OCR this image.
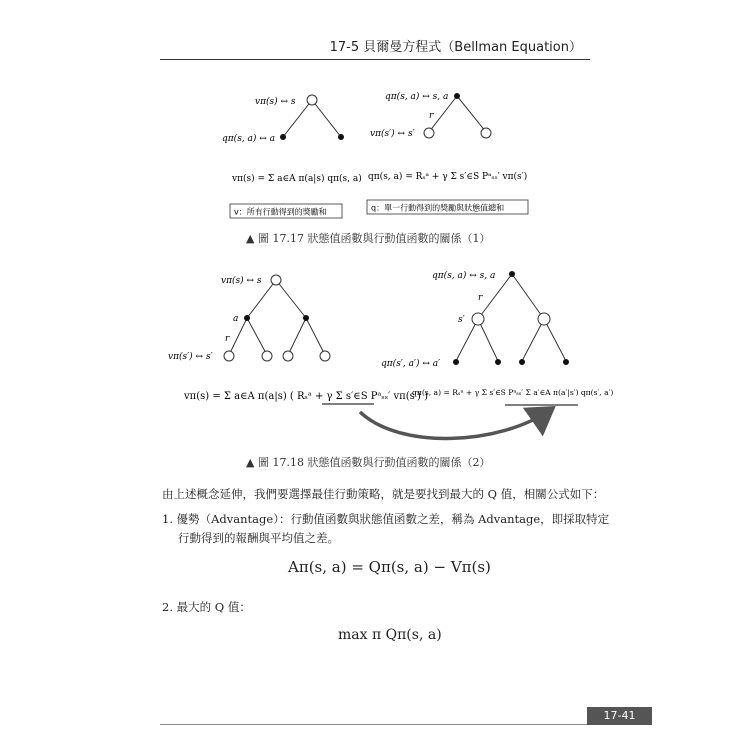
17-5 貝爾曼方程式（Bellman Equation）
vπ(s) ↔ s
qπ(s, a) ↔ a
qπ(s, a) ↔ s, a
r
vπ(s′) ↔ s′
vπ(s) = Σ a∈A π(a|s) qπ(s, a) qπ(s, a) = Rₛᵃ + γ Σ s′∈S Pᵃₛₛ′ vπ(s′)
v：所有行動得到的獎勵和	q：單一行動得到的獎勵與狀態值總和
vπ(s) ↔ s
a
r
vπ(s′) ↔ s′
qπ(s, a) ↔ s, a
r
s′
qπ(s′, a′) ↔ a′
vπ(s) = Σ a∈A π(a|s) ( Rₛᵃ + γ Σ s′∈S Pᵃₛₛ′ vπ(s′) )
qπ(s, a) = Rₛᵃ + γ Σ s′∈S Pᵃₛₛ′ Σ a′∈A π(a′|s′) qπ(s′, a′)
▲ 圖 17.17 狀態值函數與行動值函數的關係（1）
▲ 圖 17.18 狀態值函數與行動值函數的關係（2）
由上述概念延伸，我們要選擇最佳行動策略，就是要找到最大的 Q 值，相關公式如下：
1. 優勢（Advantage）：行動值函數與狀態值函數之差，稱為 Advantage，即採取特定
行動得到的報酬與平均值之差。
Aπ(s, a) = Qπ(s, a) − Vπ(s)
2. 最大的 Q 值：
max π Qπ(s, a)
17-41
